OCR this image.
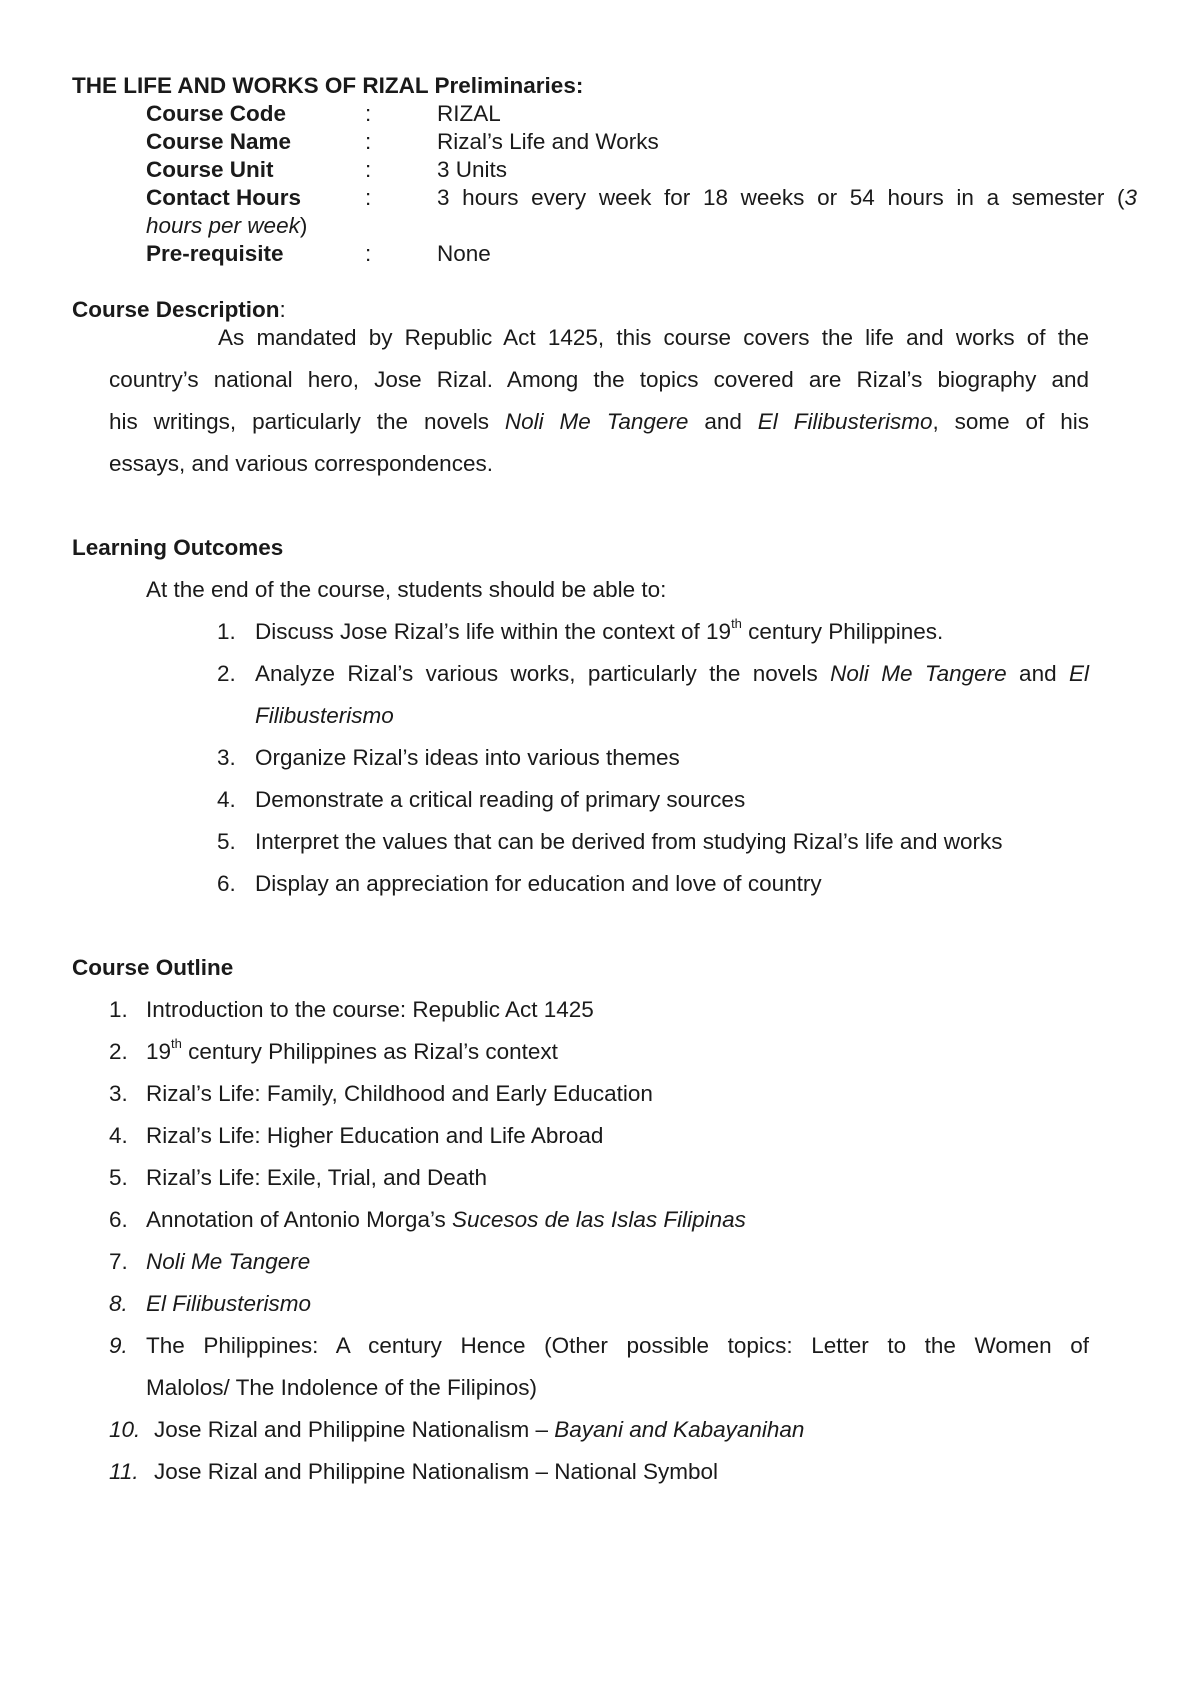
THE LIFE AND WORKS OF RIZAL Preliminaries:
Course Code	:	RIZAL
Course Name	:	Rizal’s Life and Works
Course Unit	:	3 Units
Contact Hours	:	3 hours every week for 18 weeks or 54 hours in a semester (3
hours per week)
Pre-requisite	:	None
Course Description:
As mandated by Republic Act 1425, this course covers the life and works of the
country’s national hero, Jose Rizal. Among the topics covered are Rizal’s biography and
his writings, particularly the novels Noli Me Tangere and El Filibusterismo, some of his
essays, and various correspondences.
Learning Outcomes
At the end of the course, students should be able to:
1. Discuss Jose Rizal’s life within the context of 19th century Philippines.
2. Analyze Rizal’s various works, particularly the novels Noli Me Tangere and El
Filibusterismo
3. Organize Rizal’s ideas into various themes
4. Demonstrate a critical reading of primary sources
5. Interpret the values that can be derived from studying Rizal’s life and works
6. Display an appreciation for education and love of country
Course Outline
1. Introduction to the course: Republic Act 1425
2. 19th century Philippines as Rizal’s context
3. Rizal’s Life: Family, Childhood and Early Education
4. Rizal’s Life: Higher Education and Life Abroad
5. Rizal’s Life: Exile, Trial, and Death
6. Annotation of Antonio Morga’s Sucesos de las Islas Filipinas
7. Noli Me Tangere
8. El Filibusterismo
9. The Philippines: A century Hence (Other possible topics: Letter to the Women of
Malolos/ The Indolence of the Filipinos)
10. Jose Rizal and Philippine Nationalism – Bayani and Kabayanihan
11. Jose Rizal and Philippine Nationalism – National Symbol
